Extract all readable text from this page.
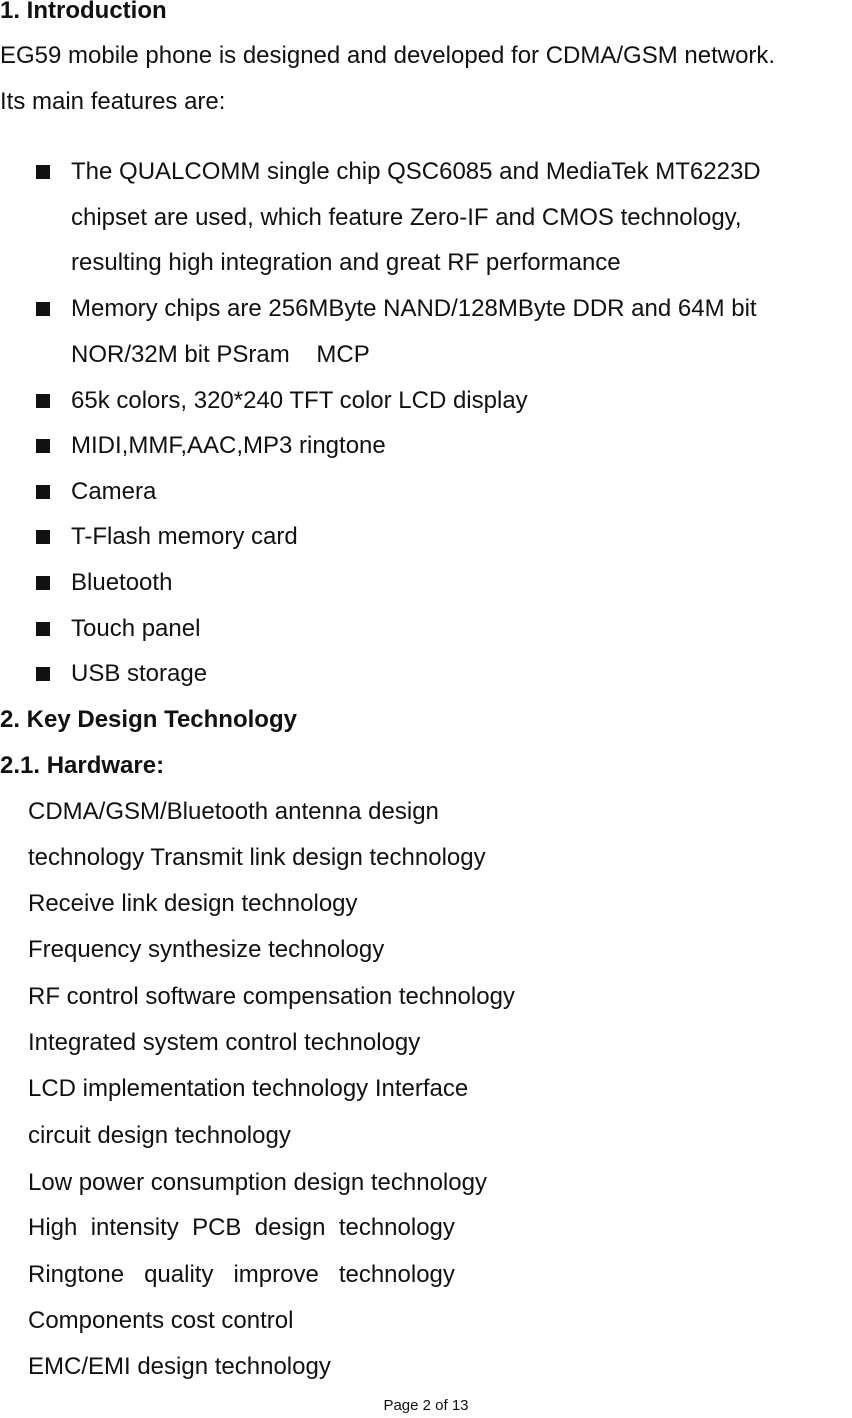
1. Introduction
EG59 mobile phone is designed and developed for CDMA/GSM network.
Its main features are:
The QUALCOMM single chip QSC6085 and MediaTek MT6223D
chipset are used, which feature Zero-IF and CMOS technology,
resulting high integration and great RF performance
Memory chips are 256MByte NAND/128MByte DDR and 64M bit
NOR/32M bit PSram    MCP
65k colors, 320*240 TFT color LCD display
MIDI,MMF,AAC,MP3 ringtone
Camera
T-Flash memory card
Bluetooth
Touch panel
USB storage
2. Key Design Technology
2.1. Hardware:
CDMA/GSM/Bluetooth antenna design
technology Transmit link design technology
Receive link design technology
Frequency synthesize technology
RF control software compensation technology
Integrated system control technology
LCD implementation technology Interface
circuit design technology
Low power consumption design technology
High  intensity  PCB  design  technology
Ringtone   quality   improve   technology
Components cost control
EMC/EMI design technology
Page 2 of 13
